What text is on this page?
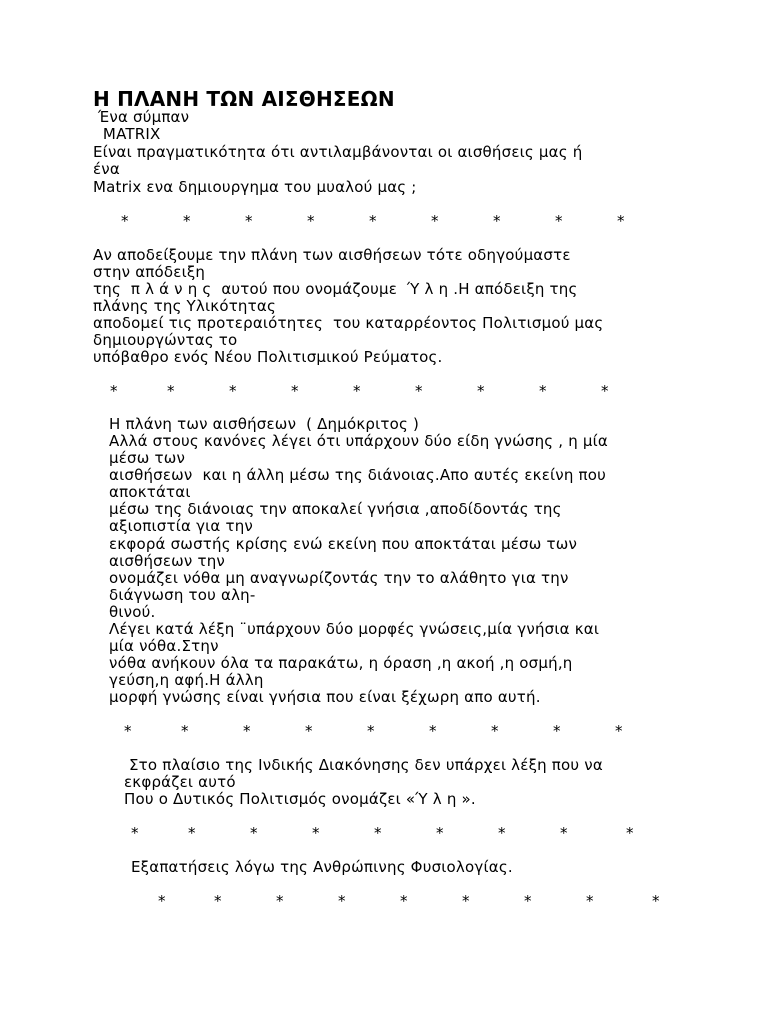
Η ΠΛΑΝΗ ΤΩΝ ΑΙΣΘΗΣΕΩΝ
Ένα σύμπαν
MATRIX
Είναι πραγματικότητα ότι αντιλαμβάνονται οι αισθήσεις μας ή
ένα
Matrix ενα δημιουργημα του μυαλού μας ;
*	*	*	*	*	*	*	*	*
Αν αποδείξουμε την πλάνη των αισθήσεων τότε οδηγούμαστε
στην απόδειξη
της  π λ ά ν η ς  αυτού που ονομάζουμε  Ύ λ η .Η απόδειξη της
πλάνης της Υλικότητας
αποδομεί τις προτεραιότητες  του καταρρέοντος Πολιτισμού μας
δημιουργώντας το
υπόβαθρο ενός Νέου Πολιτισμικού Ρεύματος.
*	*	*	*	*	*	*	*	*
Η πλάνη των αισθήσεων  ( Δημόκριτος )
Αλλά στους κανόνες λέγει ότι υπάρχουν δύο είδη γνώσης , η μία
μέσω των
αισθήσεων  και η άλλη μέσω της διάνοιας.Απο αυτές εκείνη που
αποκτάται
μέσω της διάνοιας την αποκαλεί γνήσια ,αποδίδοντάς της
αξιοπιστία για την
εκφορά σωστής κρίσης ενώ εκείνη που αποκτάται μέσω των
αισθήσεων την
ονομάζει νόθα μη αναγνωρίζοντάς την το αλάθητο για την
διάγνωση του αλη-
θινού.
Λέγει κατά λέξη ¨υπάρχουν δύο μορφές γνώσεις,μία γνήσια και
μία νόθα.Στην
νόθα ανήκουν όλα τα παρακάτω, η όραση ,η ακοή ,η οσμή,η
γεύση,η αφή.Η άλλη
μορφή γνώσης είναι γνήσια που είναι ξέχωρη απο αυτή.
*	*	*	*	*	*	*	*	*
Στο πλαίσιο της Ινδικής Διακόνησης δεν υπάρχει λέξη που να
εκφράζει αυτό
Που ο Δυτικός Πολιτισμός ονομάζει «Ύ λ η ».
*	*	*	*	*	*	*	*	*
Εξαπατήσεις λόγω της Ανθρώπινης Φυσιολογίας.
*	*	*	*	*	*	*	*	*
